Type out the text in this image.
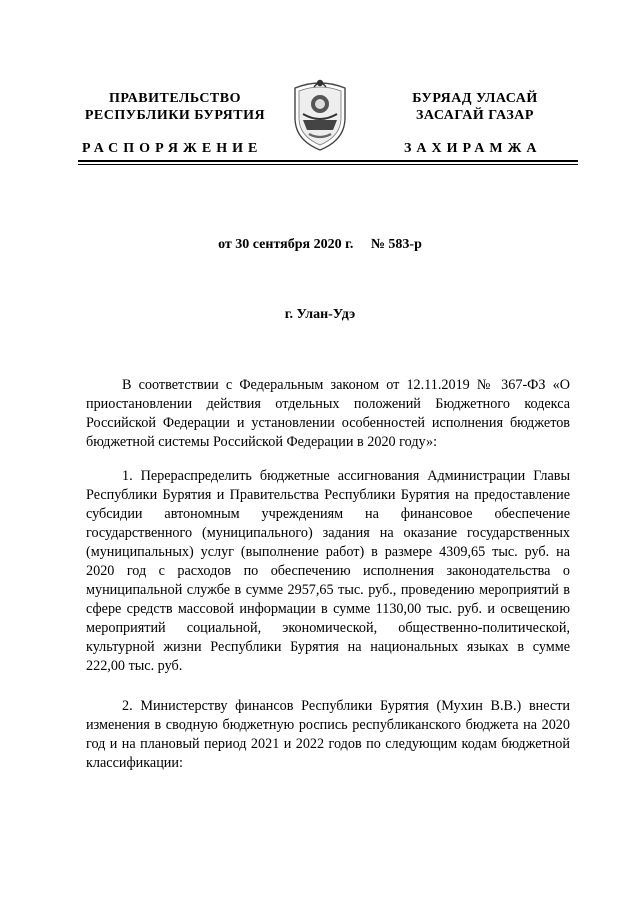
ПРАВИТЕЛЬСТВО
РЕСПУБЛИКИ БУРЯТИЯ
БУРЯАД УЛАСАЙ
ЗАСАГАЙ ГАЗАР
РАСПОРЯЖЕНИЕ	ЗАХИРАМЖА
от 30 сентября 2020 г. № 583-р
г. Улан-Удэ

В соответствии с Федеральным законом от 12.11.2019 № 367-ФЗ «О приостановлении действия отдельных положений Бюджетного кодекса Российской Федерации и установлении особенностей исполнения бюджетов бюджетной системы Российской Федерации в 2020 году»:

1. Перераспределить бюджетные ассигнования Администрации Главы Республики Бурятия и Правительства Республики Бурятия на предоставление субсидии автономным учреждениям на финансовое обеспечение государственного (муниципального) задания на оказание государственных (муниципальных) услуг (выполнение работ) в размере 4309,65 тыс. руб. на 2020 год с расходов по обеспечению исполнения законодательства о муниципальной службе в сумме 2957,65 тыс. руб., проведению мероприятий в сфере средств массовой информации в сумме 1130,00 тыс. руб. и освещению мероприятий социальной, экономической, общественно-политической, культурной жизни Республики Бурятия на национальных языках в сумме 222,00 тыс. руб.

2. Министерству финансов Республики Бурятия (Мухин В.В.) внести изменения в сводную бюджетную роспись республиканского бюджета на 2020 год и на плановый период 2021 и 2022 годов по следующим кодам бюджетной классификации:
